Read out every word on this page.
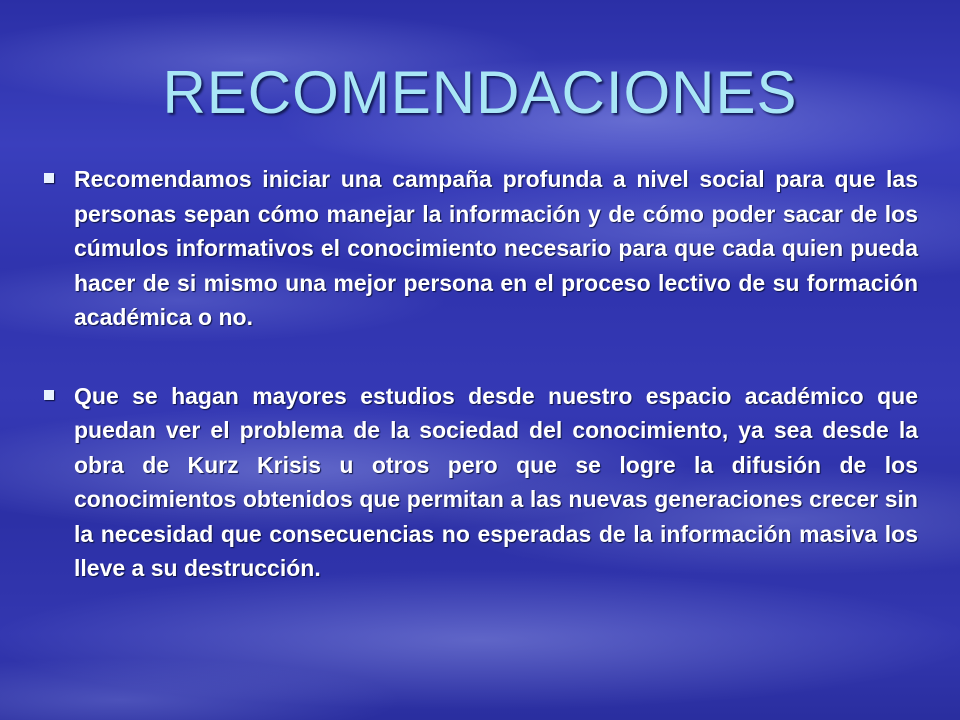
RECOMENDACIONES
Recomendamos iniciar una campaña profunda a nivel social para que las personas sepan cómo manejar la información y de cómo poder sacar de los cúmulos informativos el conocimiento necesario para que cada quien pueda hacer de si mismo una mejor persona en el proceso lectivo de su formación académica o no.
Que se hagan mayores estudios desde nuestro espacio académico que puedan ver el problema de la sociedad del conocimiento, ya sea desde la obra de Kurz Krisis u otros pero que se logre la difusión de los conocimientos obtenidos que permitan a las nuevas generaciones crecer sin la necesidad que consecuencias no esperadas de la información masiva los lleve a su destrucción.
